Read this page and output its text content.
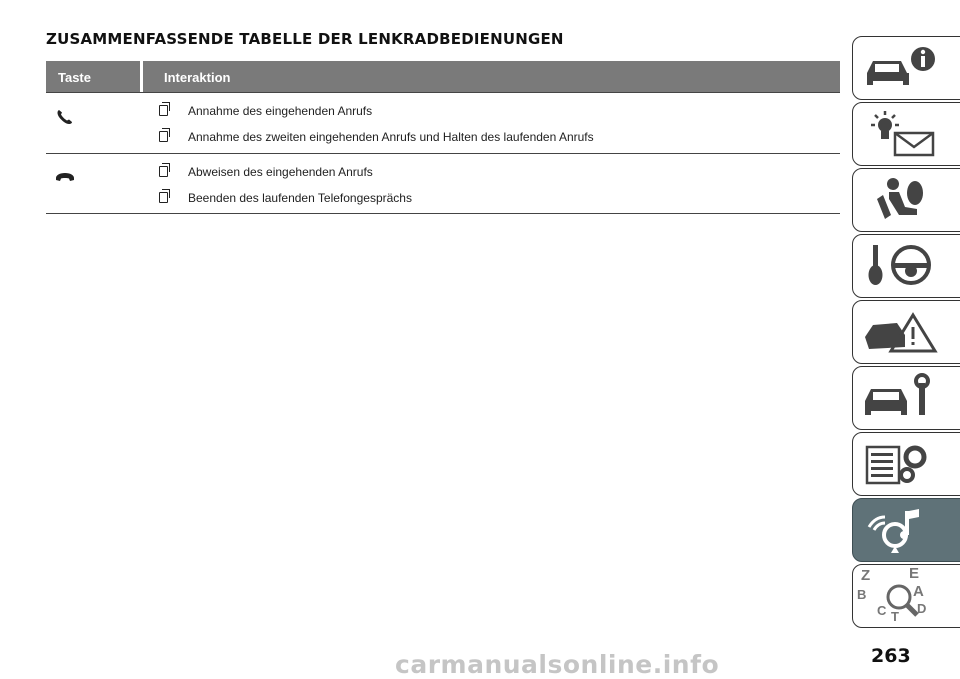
ZUSAMMENFASSENDE TABELLE DER LENKRADBEDIENUNGEN
Taste	Interaktion
Annahme des eingehenden Anrufs
Annahme des zweiten eingehenden Anrufs und Halten des laufenden Anrufs
Abweisen des eingehenden Anrufs
Beenden des laufenden Telefongesprächs
Z	E
A
B
C D
T
carmanualsonline.info	263
